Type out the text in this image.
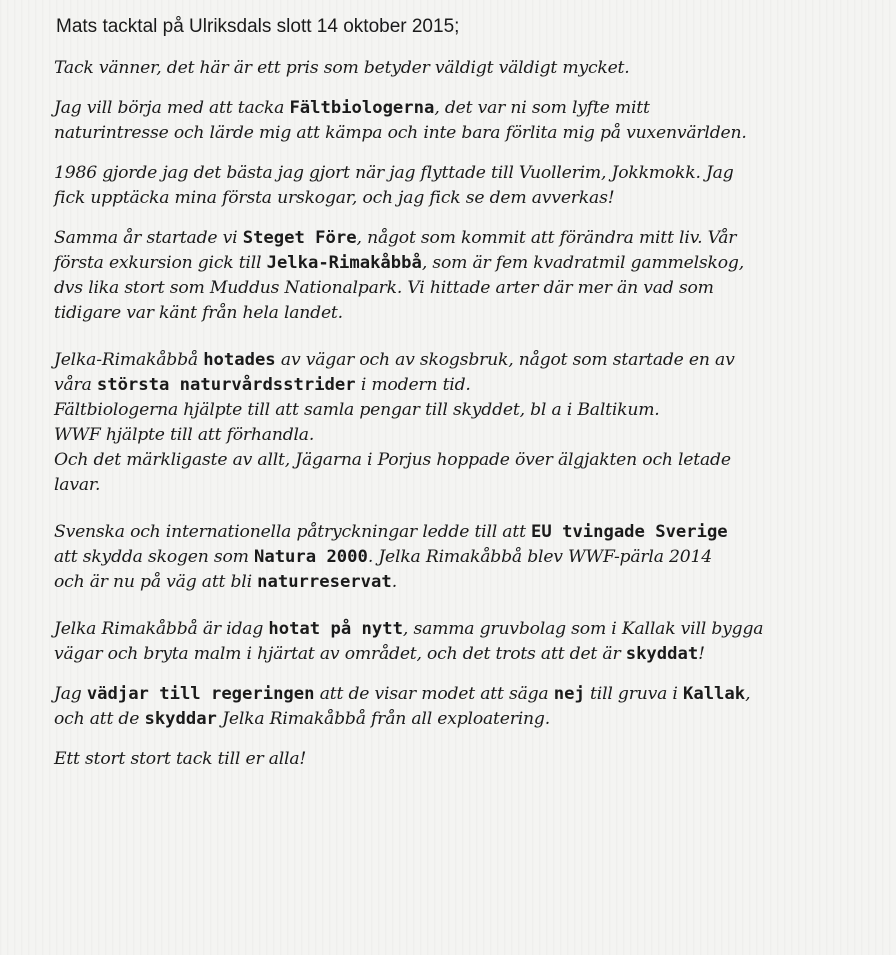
Mats tacktal på Ulriksdals slott 14 oktober 2015;
Tack vänner, det här är ett pris som betyder väldigt väldigt mycket.
Jag vill börja med att tacka Fältbiologerna, det var ni som lyfte mitt
naturintresse och lärde mig att kämpa och inte bara förlita mig på vuxenvärlden.
1986 gjorde jag det bästa jag gjort när jag flyttade till Vuollerim, Jokkmokk. Jag
fick upptäcka mina första urskogar, och jag fick se dem avverkas!
Samma år startade vi Steget Före, något som kommit att förändra mitt liv. Vår
första exkursion gick till Jelka-Rimakåbbå, som är fem kvadratmil gammelskog,
dvs lika stort som Muddus Nationalpark. Vi hittade arter där mer än vad som
tidigare var känt från hela landet.
Jelka-Rimakåbbå hotades av vägar och av skogsbruk, något som startade en av
våra största naturvårdsstrider i modern tid.
Fältbiologerna hjälpte till att samla pengar till skyddet, bl a i Baltikum.
WWF hjälpte till att förhandla.
Och det märkligaste av allt, Jägarna i Porjus hoppade över älgjakten och letade
lavar.
Svenska och internationella påtryckningar ledde till att EU tvingade Sverige
att skydda skogen som Natura 2000. Jelka Rimakåbbå blev WWF-pärla 2014
och är nu på väg att bli naturreservat.
Jelka Rimakåbbå är idag hotat på nytt, samma gruvbolag som i Kallak vill bygga
vägar och bryta malm i hjärtat av området, och det trots att det är skyddat!
Jag vädjar till regeringen att de visar modet att säga nej till gruva i Kallak,
och att de skyddar Jelka Rimakåbbå från all exploatering.
Ett stort stort tack till er alla!
